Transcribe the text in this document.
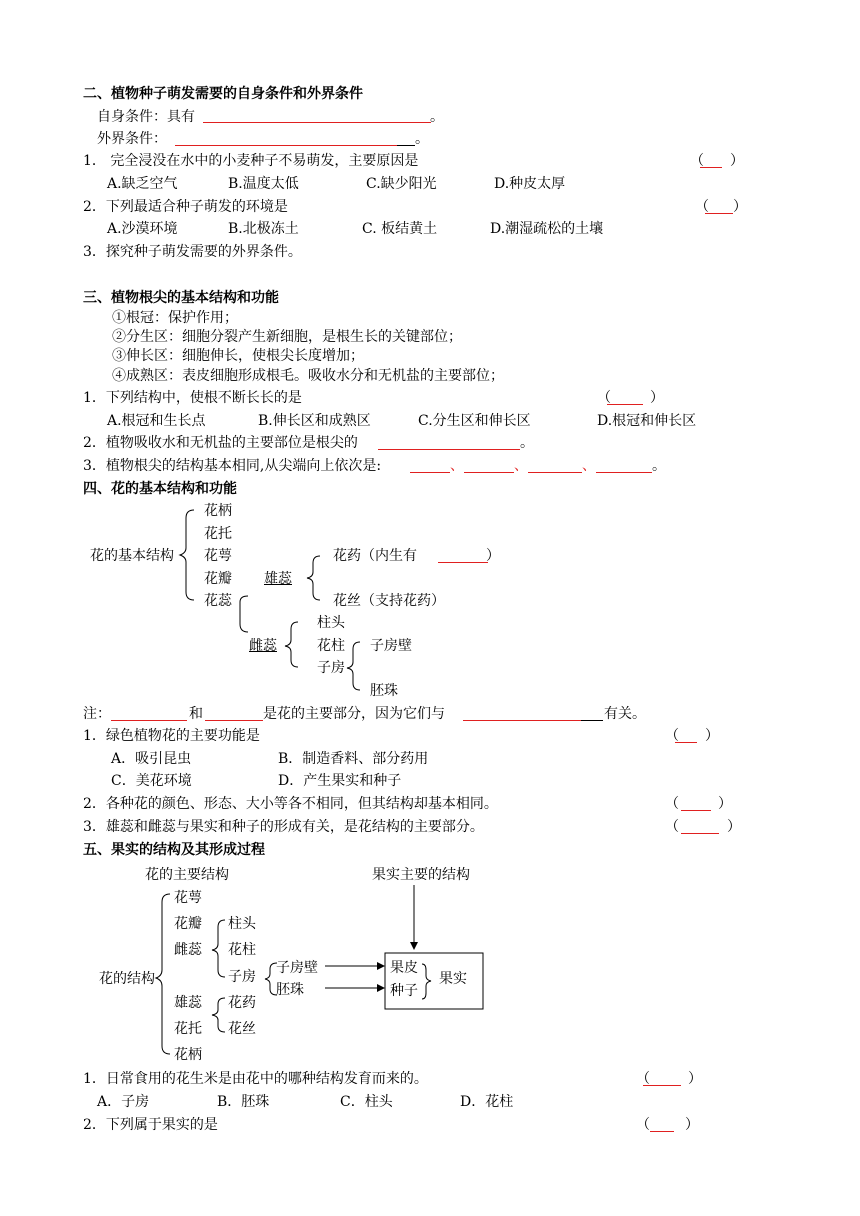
二、植物种子萌发需要的自身条件和外界条件
自身条件：具有	。
外界条件：	。
1． 完全浸没在水中的小麦种子不易萌发，主要原因是	（ ）
A.缺乏空气	B.温度太低	C.缺少阳光	D.种皮太厚
2．下列最适合种子萌发的环境是	（ ）
A.沙漠环境	B.北极冻土	C. 板结黄土	D.潮湿疏松的土壤
3．探究种子萌发需要的外界条件。
三、植物根尖的基本结构和功能
①根冠：保护作用；
②分生区：细胞分裂产生新细胞，是根生长的关键部位；
③伸长区：细胞伸长，使根尖长度增加；
④成熟区：表皮细胞形成根毛。吸收水分和无机盐的主要部位；
1．下列结构中，使根不断长长的是	（	）
A.根冠和生长点	B.伸长区和成熟区	C.分生区和伸长区	D.根冠和伸长区
2．植物吸收水和无机盐的主要部位是根尖的	。
3．植物根尖的结构基本相同,从尖端向上依次是:	、	、	、	。
四、花的基本结构和功能
花的基本结构
花柄
花托
花萼
花瓣
花蕊
雄蕊
花药（内生有	）
花丝（支持花药）
雌蕊
柱头
花柱
子房
子房壁
胚珠
注：	和	是花的主要部分，因为它们与	有关。
1．绿色植物花的主要功能是	（ ）
A．吸引昆虫	B．制造香料、部分药用
C．美花环境	D．产生果实和种子
2．各种花的颜色、形态、大小等各不相同，但其结构却基本相同。	（	）
3．雄蕊和雌蕊与果实和种子的形成有关，是花结构的主要部分。	（	）
五、果实的结构及其形成过程
花的主要结构	果实主要的结构
花的结构
花萼
花瓣
雌蕊
柱头
花柱
子房
子房壁
胚珠
雄蕊 花药
花托 花丝
花柄
果皮
种子
果实
1．日常食用的花生米是由花中的哪种结构发育而来的。	（	）
A．子房	B．胚珠	C．柱头	D．花柱
2．下列属于果实的是	（	）
